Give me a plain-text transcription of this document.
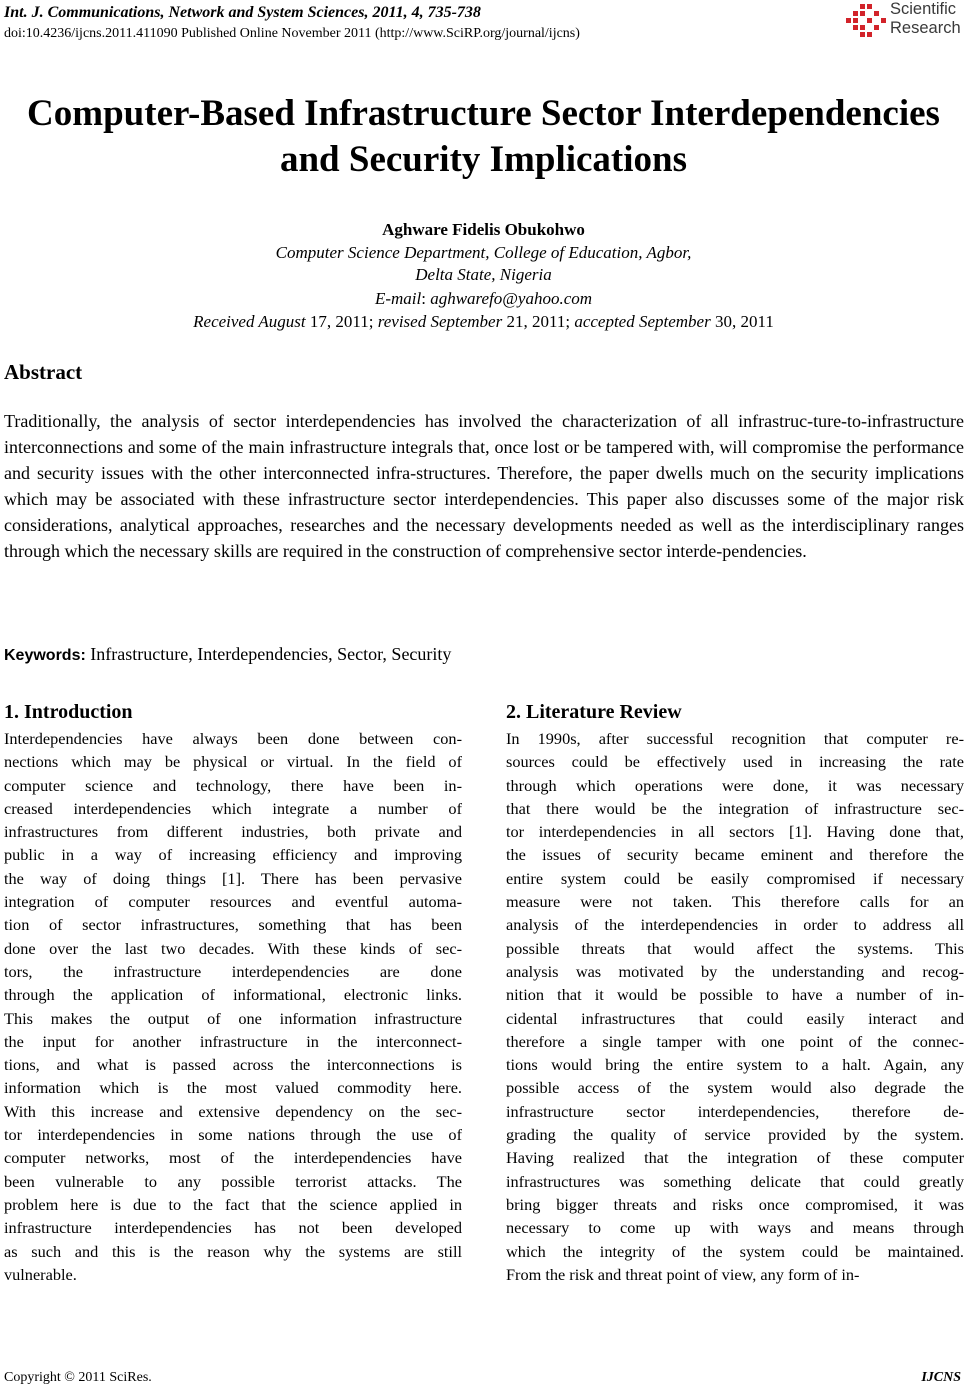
Int. J. Communications, Network and System Sciences, 2011, 4, 735-738
doi:10.4236/ijcns.2011.411090 Published Online November 2011 (http://www.SciRP.org/journal/ijcns)
Scientific
Research
Computer-Based Infrastructure Sector Interdependencies
and Security Implications
Aghware Fidelis Obukohwo
Computer Science Department, College of Education, Agbor,
Delta State, Nigeria
E-mail: aghwarefo@yahoo.com
Received August 17, 2011; revised September 21, 2011; accepted September 30, 2011
Abstract

Traditionally, the analysis of sector interdependencies has involved the characterization of all infrastruc-ture-to-infrastructure interconnections and some of the main infrastructure integrals that, once lost or be tampered with, will compromise the performance and security issues with the other interconnected infra-structures. Therefore, the paper dwells much on the security implications which may be associated with these infrastructure sector interdependencies. This paper also discusses some of the major risk considerations, analytical approaches, researches and the necessary developments needed as well as the interdisciplinary ranges through which the necessary skills are required in the construction of comprehensive sector interde-pendencies.

Keywords: Infrastructure, Interdependencies, Sector, Security
1. Introduction	2. Literature Review
Interdependencies have always been done between con-
nections which may be physical or virtual. In the field of
computer science and technology, there have been in-
creased interdependencies which integrate a number of
infrastructures from different industries, both private and
public in a way of increasing efficiency and improving
the way of doing things [1]. There has been pervasive
integration of computer resources and eventful automa-
tion of sector infrastructures, something that has been
done over the last two decades. With these kinds of sec-
tors, the infrastructure interdependencies are done
through the application of informational, electronic links.
This makes the output of one information infrastructure
the input for another infrastructure in the interconnect-
tions, and what is passed across the interconnections is
information which is the most valued commodity here.
With this increase and extensive dependency on the sec-
tor interdependencies in some nations through the use of
computer networks, most of the interdependencies have
been vulnerable to any possible terrorist attacks. The
problem here is due to the fact that the science applied in
infrastructure interdependencies has not been developed
as such and this is the reason why the systems are still
vulnerable.
In 1990s, after successful recognition that computer re-
sources could be effectively used in increasing the rate
through which operations were done, it was necessary
that there would be the integration of infrastructure sec-
tor interdependencies in all sectors [1]. Having done that,
the issues of security became eminent and therefore the
entire system could be easily compromised if necessary
measure were not taken. This therefore calls for an
analysis of the interdependencies in order to address all
possible threats that would affect the systems. This
analysis was motivated by the understanding and recog-
nition that it would be possible to have a number of in-
cidental infrastructures that could easily interact and
therefore a single tamper with one point of the connec-
tions would bring the entire system to a halt. Again, any
possible access of the system would also degrade the
infrastructure sector interdependencies, therefore de-
grading the quality of service provided by the system.
Having realized that the integration of these computer
infrastructures was something delicate that could greatly
bring bigger threats and risks once compromised, it was
necessary to come up with ways and means through
which the integrity of the system could be maintained.
From the risk and threat point of view, any form of in-
Copyright © 2011 SciRes.	IJCNS
